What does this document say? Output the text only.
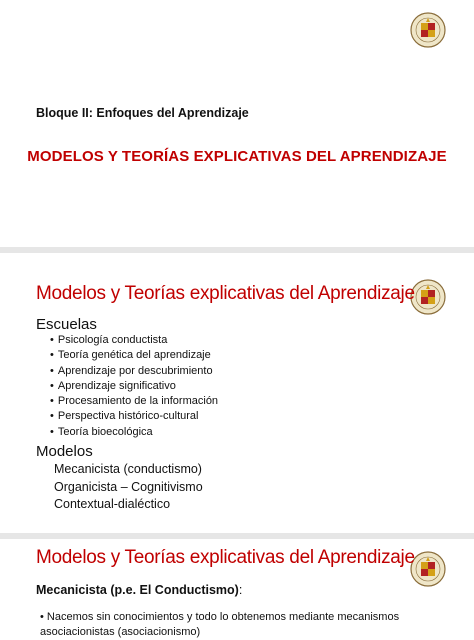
Bloque II: Enfoques del Aprendizaje
MODELOS Y TEORÍAS EXPLICATIVAS DEL APRENDIZAJE
Modelos y Teorías explicativas del Aprendizaje
Escuelas
• Psicología conductista
• Teoría genética del aprendizaje
• Aprendizaje por descubrimiento
• Aprendizaje significativo
• Procesamiento de la información
• Perspectiva histórico-cultural
• Teoría bioecológica
Modelos
Mecanicista (conductismo)
Organicista – Cognitivismo
Contextual-dialéctico
Modelos y Teorías explicativas del Aprendizaje
Mecanicista (p.e. El Conductismo):
• Nacemos sin conocimientos y todo lo obtenemos mediante mecanismos asociacionistas (asociacionismo)
